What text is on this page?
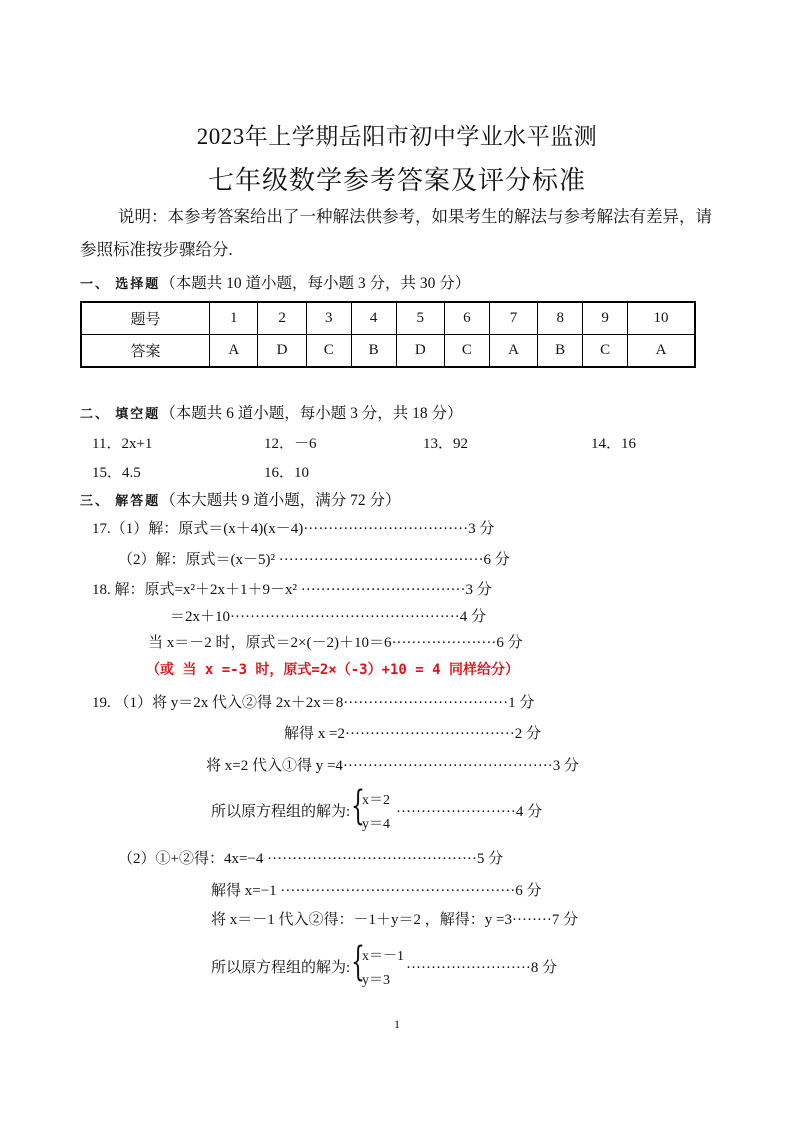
2023年上学期岳阳市初中学业水平监测
七年级数学参考答案及评分标准
说明：本参考答案给出了一种解法供参考，如果考生的解法与参考解法有差异，请
参照标准按步骤给分.
一、 选择题（本题共 10 道小题，每小题 3 分，共 30 分）
题号	1	2	3	4	5	6	7	8	9	10
答案	A	D	C	B	D	C	A	B	C	A
二、 填空题（本题共 6 道小题，每小题 3 分，共 18 分）
11．2x+1	12．－6	13．92	14．16
15．4.5	16．10
三、 解答题（本大题共 9 道小题，满分 72 分）
17.（1）解：原式＝(x＋4)(x－4)·································3 分
（2）解：原式＝(x－5)² ·········································6 分
18. 解：原式=x²＋2x＋1＋9－x² ·································3 分
＝2x＋10··············································4 分
当 x＝－2 时，原式＝2×(－2)＋10＝6·····················6 分
（或 当 x =-3 时，原式=2×（-3）+10 = 4 同样给分）
19. （1）将 y＝2x 代入②得 2x＋2x＝8·································1 分
解得 x =2··································2 分
将 x=2 代入①得 y =4··········································3 分
所以原方程组的解为: {
x＝2
y＝4
························4 分
（2）①+②得：4x=−4 ··········································5 分
解得 x=−1 ···············································6 分
将 x＝－1 代入②得：－1＋y＝2 ，解得：y =3········7 分
所以原方程组的解为: {
x＝－1
y＝3
·························8 分
1
